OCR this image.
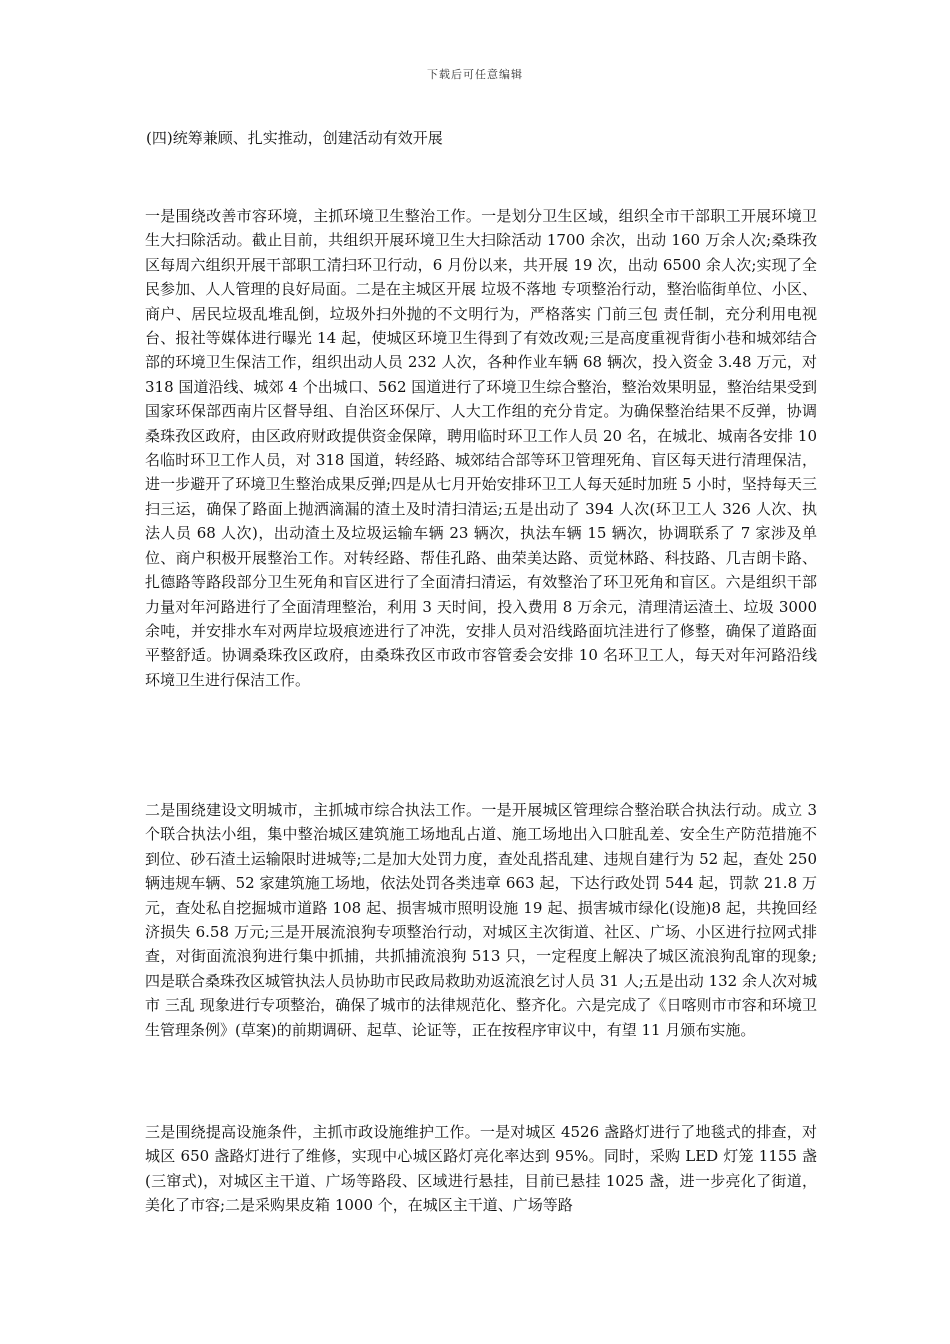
下载后可任意编辑
(四)统筹兼顾、扎实推动，创建活动有效开展

一是围绕改善市容环境，主抓环境卫生整治工作。一是划分卫生区域，组织全市干部职工开展环境卫生大扫除活动。截止目前，共组织开展环境卫生大扫除活动 1700 余次，出动 160 万余人次;桑珠孜区每周六组织开展干部职工清扫环卫行动，6 月份以来，共开展 19 次，出动 6500 余人次;实现了全民参加、人人管理的良好局面。二是在主城区开展 垃圾不落地 专项整治行动，整治临街单位、小区、商户、居民垃圾乱堆乱倒，垃圾外扫外抛的不文明行为，严格落实 门前三包 责任制，充分利用电视台、报社等媒体进行曝光 14 起，使城区环境卫生得到了有效改观;三是高度重视背街小巷和城郊结合部的环境卫生保洁工作，组织出动人员 232 人次，各种作业车辆 68 辆次，投入资金 3.48 万元，对 318 国道沿线、城郊 4 个出城口、562 国道进行了环境卫生综合整治，整治效果明显，整治结果受到国家环保部西南片区督导组、自治区环保厅、人大工作组的充分肯定。为确保整治结果不反弹，协调桑珠孜区政府，由区政府财政提供资金保障，聘用临时环卫工作人员 20 名，在城北、城南各安排 10 名临时环卫工作人员，对 318 国道，转经路、城郊结合部等环卫管理死角、盲区每天进行清理保洁，进一步避开了环境卫生整治成果反弹;四是从七月开始安排环卫工人每天延时加班 5 小时，坚持每天三扫三运，确保了路面上抛洒滴漏的渣土及时清扫清运;五是出动了 394 人次(环卫工人 326 人次、执法人员 68 人次)，出动渣土及垃圾运输车辆 23 辆次，执法车辆 15 辆次，协调联系了 7 家涉及单位、商户积极开展整治工作。对转经路、帮佳孔路、曲荣美达路、贡觉林路、科技路、几吉朗卡路、扎德路等路段部分卫生死角和盲区进行了全面清扫清运，有效整治了环卫死角和盲区。六是组织干部力量对年河路进行了全面清理整治，利用 3 天时间，投入费用 8 万余元，清理清运渣土、垃圾 3000 余吨，并安排水车对两岸垃圾痕迹进行了冲洗，安排人员对沿线路面坑洼进行了修整，确保了道路面平整舒适。协调桑珠孜区政府，由桑珠孜区市政市容管委会安排 10 名环卫工人，每天对年河路沿线环境卫生进行保洁工作。

二是围绕建设文明城市，主抓城市综合执法工作。一是开展城区管理综合整治联合执法行动。成立 3 个联合执法小组，集中整治城区建筑施工场地乱占道、施工场地出入口脏乱差、安全生产防范措施不到位、砂石渣土运输限时进城等;二是加大处罚力度，查处乱搭乱建、违规自建行为 52 起，查处 250 辆违规车辆、52 家建筑施工场地，依法处罚各类违章 663 起，下达行政处罚 544 起，罚款 21.8 万元，查处私自挖掘城市道路 108 起、损害城市照明设施 19 起、损害城市绿化(设施)8 起，共挽回经济损失 6.58 万元;三是开展流浪狗专项整治行动，对城区主次街道、社区、广场、小区进行拉网式排查，对街面流浪狗进行集中抓捕，共抓捕流浪狗 513 只，一定程度上解决了城区流浪狗乱窜的现象;四是联合桑珠孜区城管执法人员协助市民政局救助劝返流浪乞讨人员 31 人;五是出动 132 余人次对城市 三乱 现象进行专项整治，确保了城市的法律规范化、整齐化。六是完成了《日喀则市市容和环境卫生管理条例》(草案)的前期调研、起草、论证等，正在按程序审议中，有望 11 月颁布实施。

三是围绕提高设施条件，主抓市政设施维护工作。一是对城区 4526 盏路灯进行了地毯式的排查，对城区 650 盏路灯进行了维修，实现中心城区路灯亮化率达到 95%。同时，采购 LED 灯笼 1155 盏(三窜式)，对城区主干道、广场等路段、区域进行悬挂，目前已悬挂 1025 盏，进一步亮化了街道，美化了市容;二是采购果皮箱 1000 个，在城区主干道、广场等路
